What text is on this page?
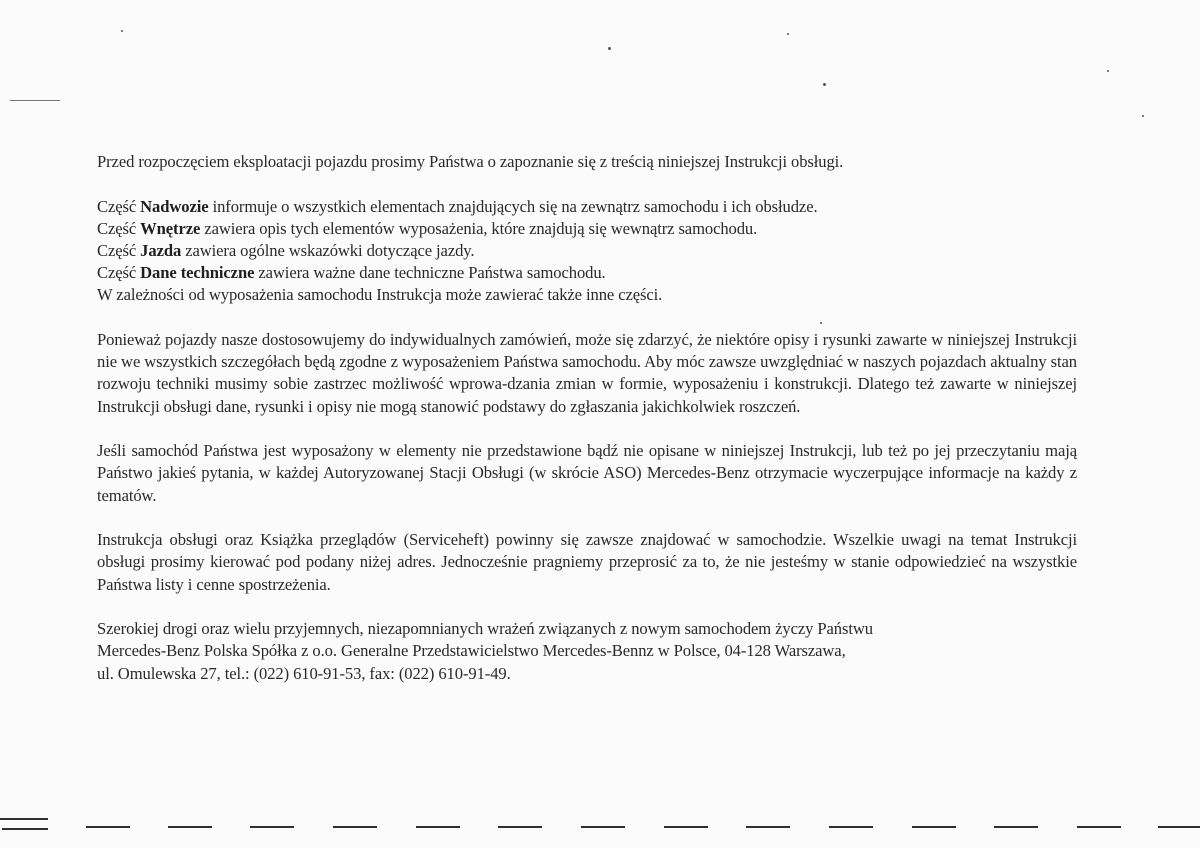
Przed rozpoczęciem eksploatacji pojazdu prosimy Państwa o zapoznanie się z treścią niniejszej Instrukcji obsługi.

Część Nadwozie informuje o wszystkich elementach znajdujących się na zewnątrz samochodu i ich obsłudze.
Część Wnętrze zawiera opis tych elementów wyposażenia, które znajdują się wewnątrz samochodu.
Część Jazda zawiera ogólne wskazówki dotyczące jazdy.
Część Dane techniczne zawiera ważne dane techniczne Państwa samochodu.
W zależności od wyposażenia samochodu Instrukcja może zawierać także inne części.

Ponieważ pojazdy nasze dostosowujemy do indywidualnych zamówień, może się zdarzyć, że niektóre opisy i rysunki zawarte w niniejszej Instrukcji nie we wszystkich szczegółach będą zgodne z wyposażeniem Państwa samochodu. Aby móc zawsze uwzględniać w naszych pojazdach aktualny stan rozwoju techniki musimy sobie zastrzec możliwość wprowa-dzania zmian w formie, wyposażeniu i konstrukcji. Dlatego też zawarte w niniejszej Instrukcji obsługi dane, rysunki i opisy nie mogą stanowić podstawy do zgłaszania jakichkolwiek roszczeń.

Jeśli samochód Państwa jest wyposażony w elementy nie przedstawione bądź nie opisane w niniejszej Instrukcji, lub też po jej przeczytaniu mają Państwo jakieś pytania, w każdej Autoryzowanej Stacji Obsługi (w skrócie ASO) Mercedes-Benz otrzymacie wyczerpujące informacje na każdy z tematów.

Instrukcja obsługi oraz Książka przeglądów (Serviceheft) powinny się zawsze znajdować w samochodzie. Wszelkie uwagi na temat Instrukcji obsługi prosimy kierować pod podany niżej adres. Jednocześnie pragniemy przeprosić za to, że nie jesteśmy w stanie odpowiedzieć na wszystkie Państwa listy i cenne spostrzeżenia.

Szerokiej drogi oraz wielu przyjemnych, niezapomnianych wrażeń związanych z nowym samochodem życzy Państwu
Mercedes-Benz Polska Spółka z o.o. Generalne Przedstawicielstwo Mercedes-Bennz w Polsce, 04-128 Warszawa,
ul. Omulewska 27, tel.: (022) 610-91-53, fax: (022) 610-91-49.
